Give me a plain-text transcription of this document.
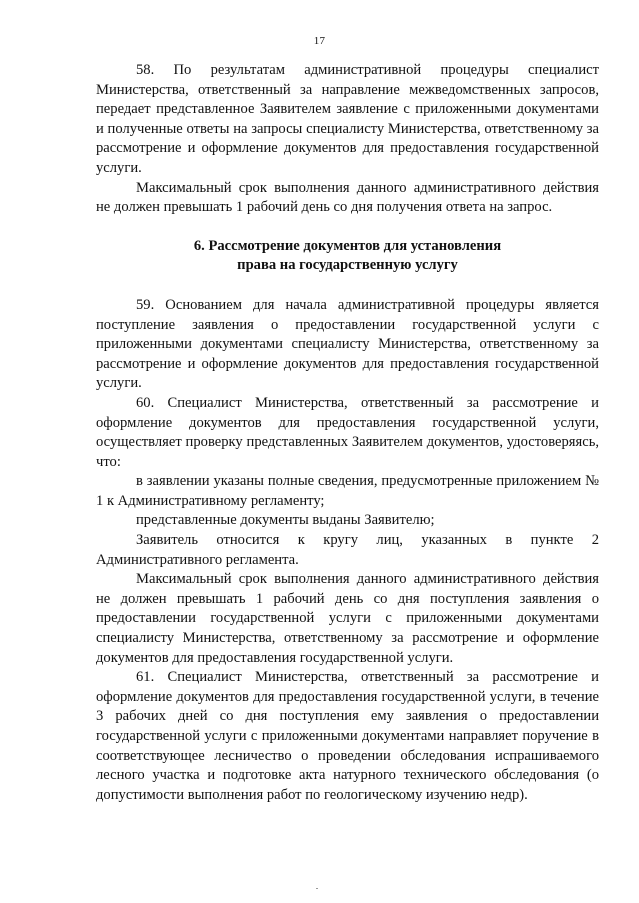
17

58. По результатам административной процедуры специалист Министерства, ответственный за направление межведомственных запросов, передает представленное Заявителем заявление с приложенными документами и полученные ответы на запросы специалисту Министерства, ответственному за рассмотрение и оформление документов для предоставления государственной услуги.

Максимальный срок выполнения данного административного действия не должен превышать 1 рабочий день со дня получения ответа на запрос.

6. Рассмотрение документов для установления
права на государственную услугу

59. Основанием для начала административной процедуры является поступление заявления о предоставлении государственной услуги с приложенными документами специалисту Министерства, ответственному за рассмотрение и оформление документов для предоставления государственной услуги.

60. Специалист Министерства, ответственный за рассмотрение и оформление документов для предоставления государственной услуги, осуществляет проверку представленных Заявителем документов, удостоверяясь, что:

в заявлении указаны полные сведения, предусмотренные приложением № 1 к Административному регламенту;

представленные документы выданы Заявителю;

Заявитель относится к кругу лиц, указанных в пункте 2 Административного регламента.

Максимальный срок выполнения данного административного действия не должен превышать 1 рабочий день со дня поступления заявления о предоставлении государственной услуги с приложенными документами специалисту Министерства, ответственному за рассмотрение и оформление документов для предоставления государственной услуги.

61. Специалист Министерства, ответственный за рассмотрение и оформление документов для предоставления государственной услуги, в течение 3 рабочих дней со дня поступления ему заявления о предоставлении государственной услуги с приложенными документами направляет поручение в соответствующее лесничество о проведении обследования испрашиваемого лесного участка и подготовке акта натурного технического обследования (о допустимости выполнения работ по геологическому изучению недр).
